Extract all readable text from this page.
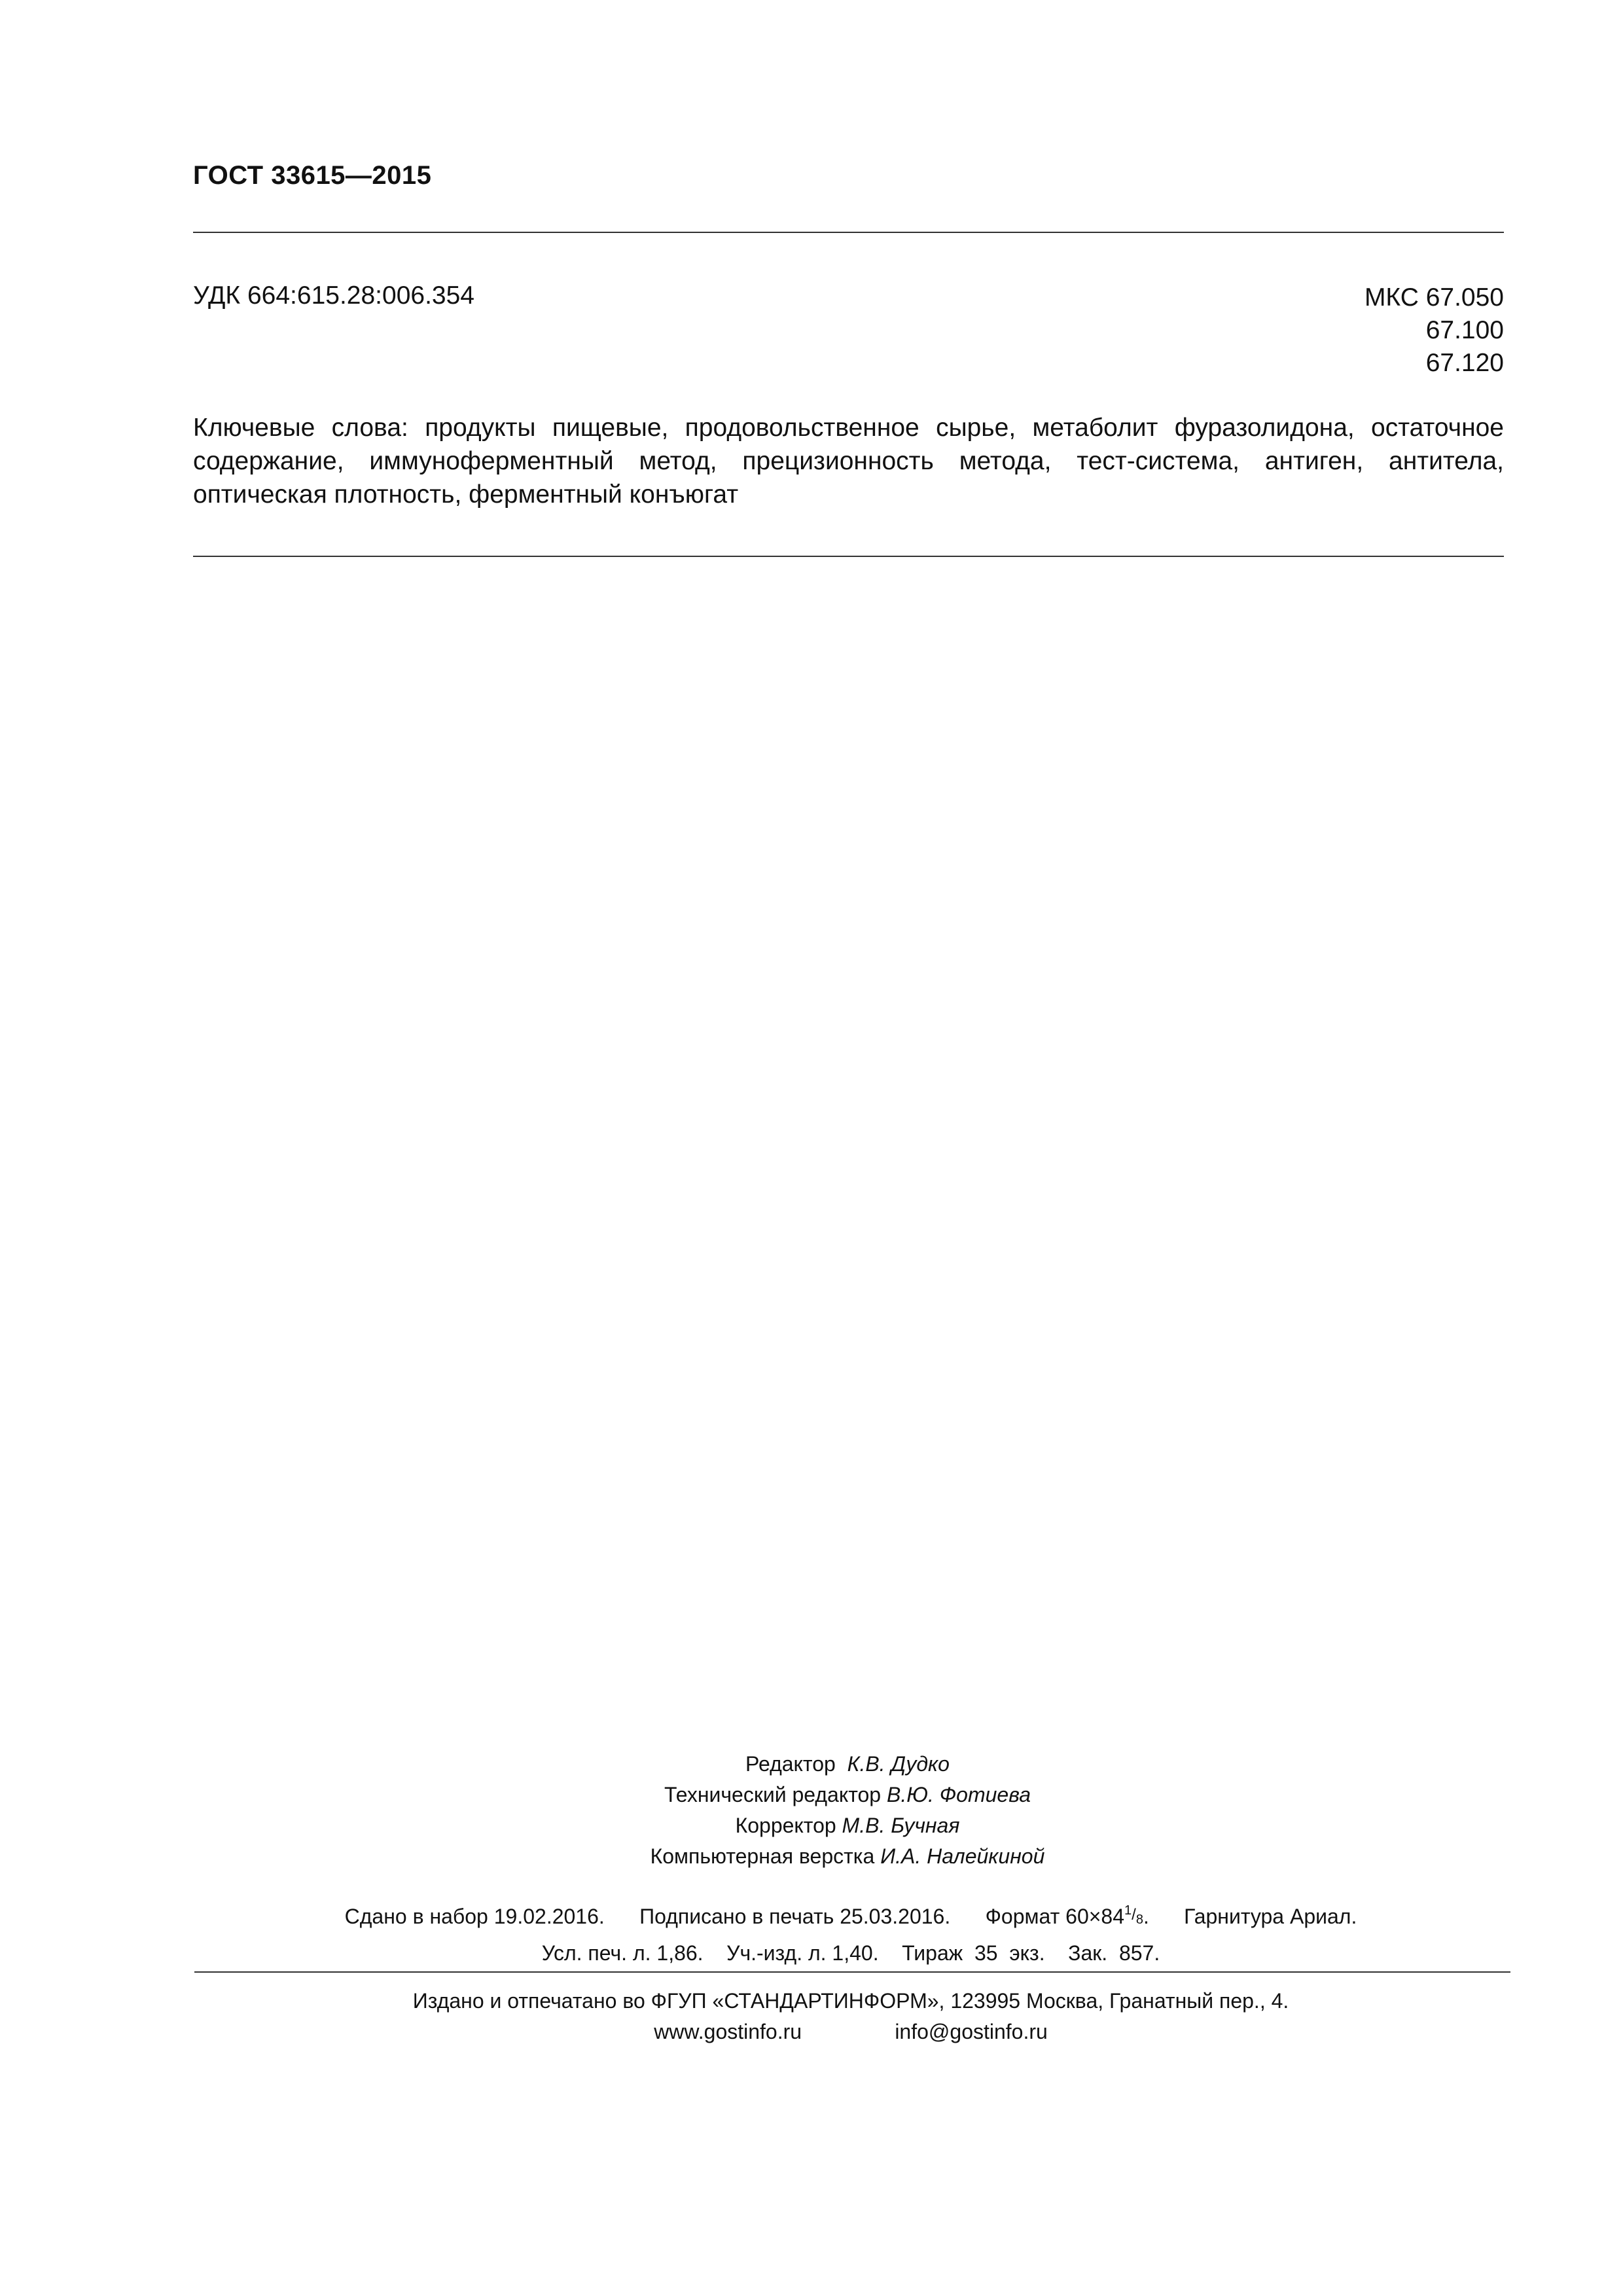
ГОСТ 33615—2015
УДК 664:615.28:006.354	МКС 67.050
67.100
67.120
Ключевые слова: продукты пищевые, продовольственное сырье, метаболит фуразолидона, остаточное содержание, иммуноферментный метод, прецизионность метода, тест-система, антиген, антитела, оптическая плотность, ферментный конъюгат
Редактор К.В. Дудко
Технический редактор В.Ю. Фотиева
Корректор М.В. Бучная
Компьютерная верстка И.А. Налейкиной
Сдано в набор 19.02.2016. Подписано в печать 25.03.2016. Формат $60\times 84^1/_8$.      Гарнитура Ариал.
Усл. печ. л. 1,86. Уч.-изд. л. 1,40. Тираж  35  экз. Зак.  857.
Издано и отпечатано во ФГУП «СТАНДАРТИНФОРМ», 123995 Москва, Гранатный пер., 4.
www.gostinfo.ru	info@gostinfo.ru
